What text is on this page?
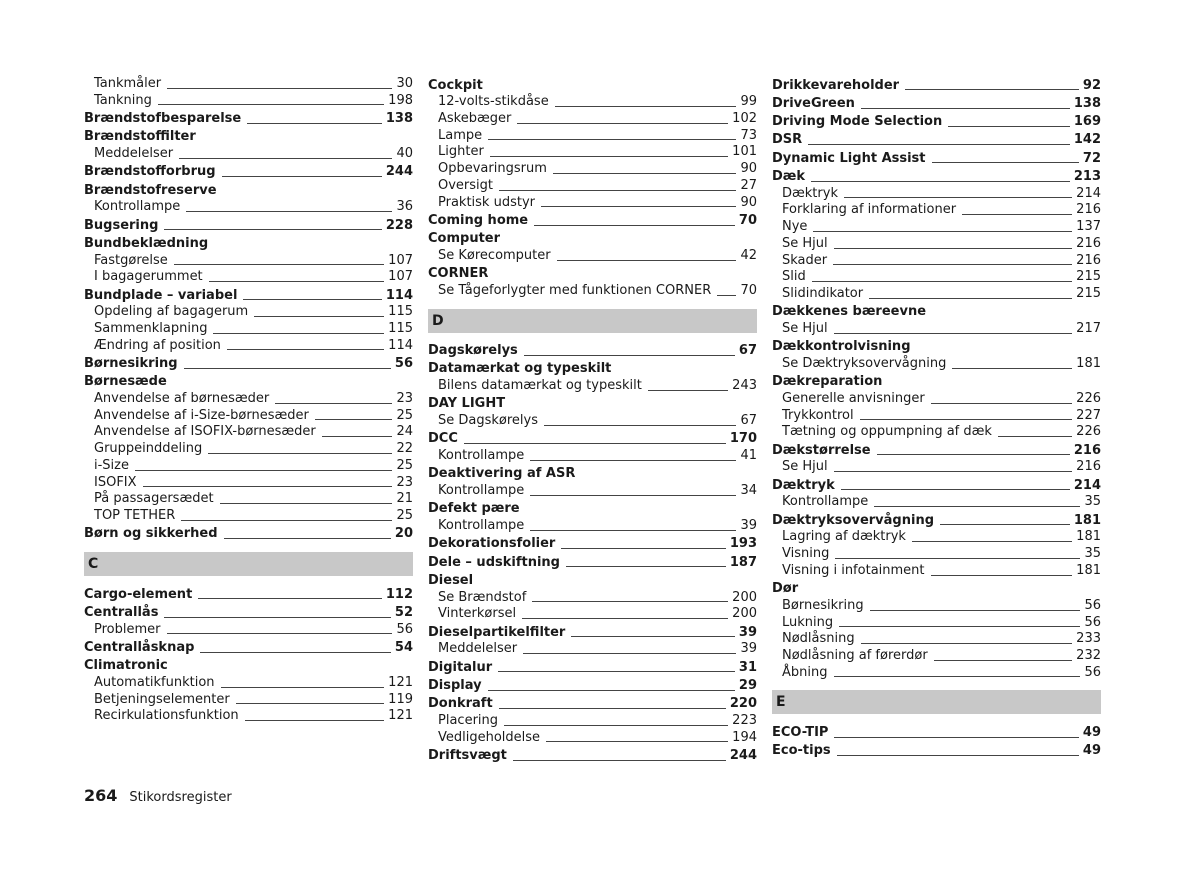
Tankmåler	30
Tankning	198
Brændstofbesparelse	138
Brændstoffilter
Meddelelser	40
Brændstofforbrug	244
Brændstofreserve
Kontrollampe	36
Bugsering	228
Bundbeklædning
Fastgørelse	107
I bagagerummet	107
Bundplade – variabel	114
Opdeling af bagagerum	115
Sammenklapning	115
Ændring af position	114
Børnesikring	56
Børnesæde
Anvendelse af børnesæder	23
Anvendelse af i-Size-børnesæder	25
Anvendelse af ISOFIX-børnesæder	24
Gruppeinddeling	22
i-Size	25
ISOFIX	23
På passagersædet	21
TOP TETHER	25
Børn og sikkerhed	20
C
Cargo-element	112
Centrallås	52
Problemer	56
Centrallåsknap	54
Climatronic
Automatikfunktion	121
Betjeningselementer	119
Recirkulationsfunktion	121
Cockpit
12-volts-stikdåse	99
Askebæger	102
Lampe	73
Lighter	101
Opbevaringsrum	90
Oversigt	27
Praktisk udstyr	90
Coming home	70
Computer
Se Kørecomputer	42
CORNER
Se Tågeforlygter med funktionen CORNER 70
D
Dagskørelys	67
Datamærkat og typeskilt
Bilens datamærkat og typeskilt	243
DAY LIGHT
Se Dagskørelys	67
DCC	170
Kontrollampe	41
Deaktivering af ASR
Kontrollampe	34
Defekt pære
Kontrollampe	39
Dekorationsfolier	193
Dele – udskiftning	187
Diesel
Se Brændstof	200
Vinterkørsel	200
Dieselpartikelfilter	39
Meddelelser	39
Digitalur	31
Display	29
Donkraft	220
Placering	223
Vedligeholdelse	194
Driftsvægt	244
Drikkevareholder	92
DriveGreen	138
Driving Mode Selection	169
DSR	142
Dynamic Light Assist	72
Dæk	213
Dæktryk	214
Forklaring af informationer	216
Nye	137
Se Hjul	216
Skader	216
Slid	215
Slidindikator	215
Dækkenes bæreevne
Se Hjul	217
Dækkontrolvisning
Se Dæktryksovervågning	181
Dækreparation
Generelle anvisninger	226
Trykkontrol	227
Tætning og oppumpning af dæk	226
Dækstørrelse	216
Se Hjul	216
Dæktryk	214
Kontrollampe	35
Dæktryksovervågning	181
Lagring af dæktryk	181
Visning	35
Visning i infotainment	181
Dør
Børnesikring	56
Lukning	56
Nødlåsning	233
Nødlåsning af førerdør	232
Åbning	56
E
ECO-TIP	49
Eco-tips	49
264 Stikordsregister
